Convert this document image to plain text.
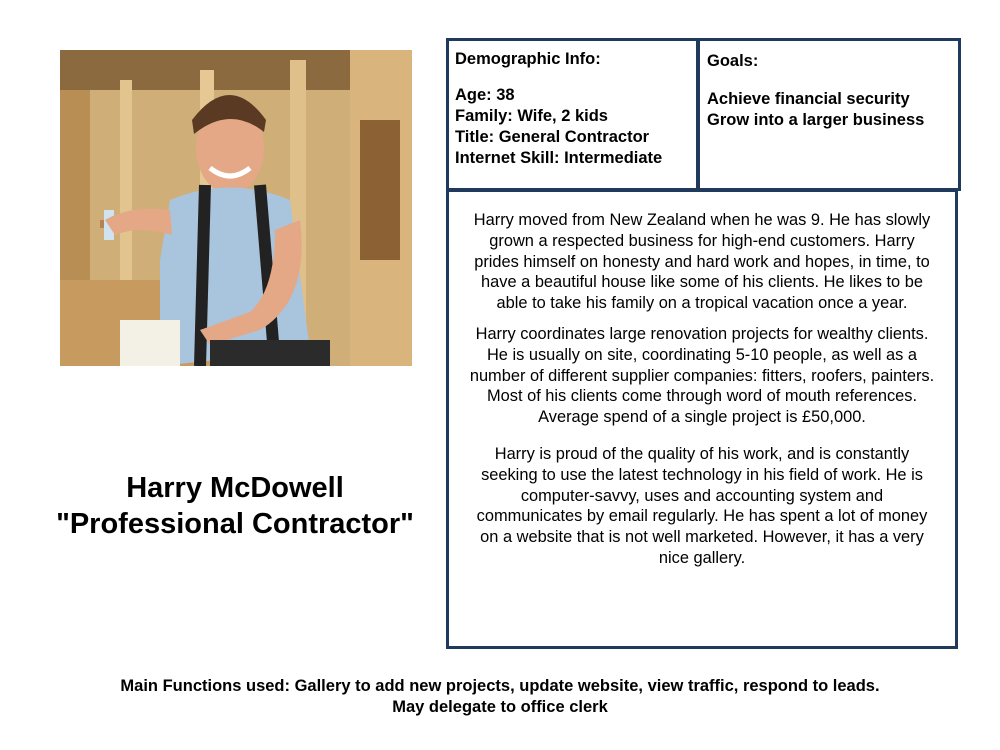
Harry McDowell
"Professional Contractor"
Demographic Info:
Age: 38
Family: Wife, 2 kids
Title: General Contractor
Internet Skill: Intermediate
Goals:
Achieve financial security
Grow into a larger business

Harry moved from New Zealand when he was 9. He has slowly grown a respected business for high-end customers. Harry prides himself on honesty and hard work and hopes, in time, to have a beautiful house like some of his clients. He likes to be able to take his family on a tropical vacation once a year.

Harry coordinates large renovation projects for wealthy clients. He is usually on site, coordinating 5-10 people, as well as a number of different supplier companies: fitters, roofers, painters. Most of his clients come through word of mouth references. Average spend of a single project is £50,000.

Harry is proud of the quality of his work, and is constantly seeking to use the latest technology in his field of work. He is computer-savvy, uses and accounting system and communicates by email regularly. He has spent a lot of money on a website that is not well marketed. However, it has a very nice gallery.

Main Functions used: Gallery to add new projects, update website, view traffic, respond to leads.
May delegate to office clerk
